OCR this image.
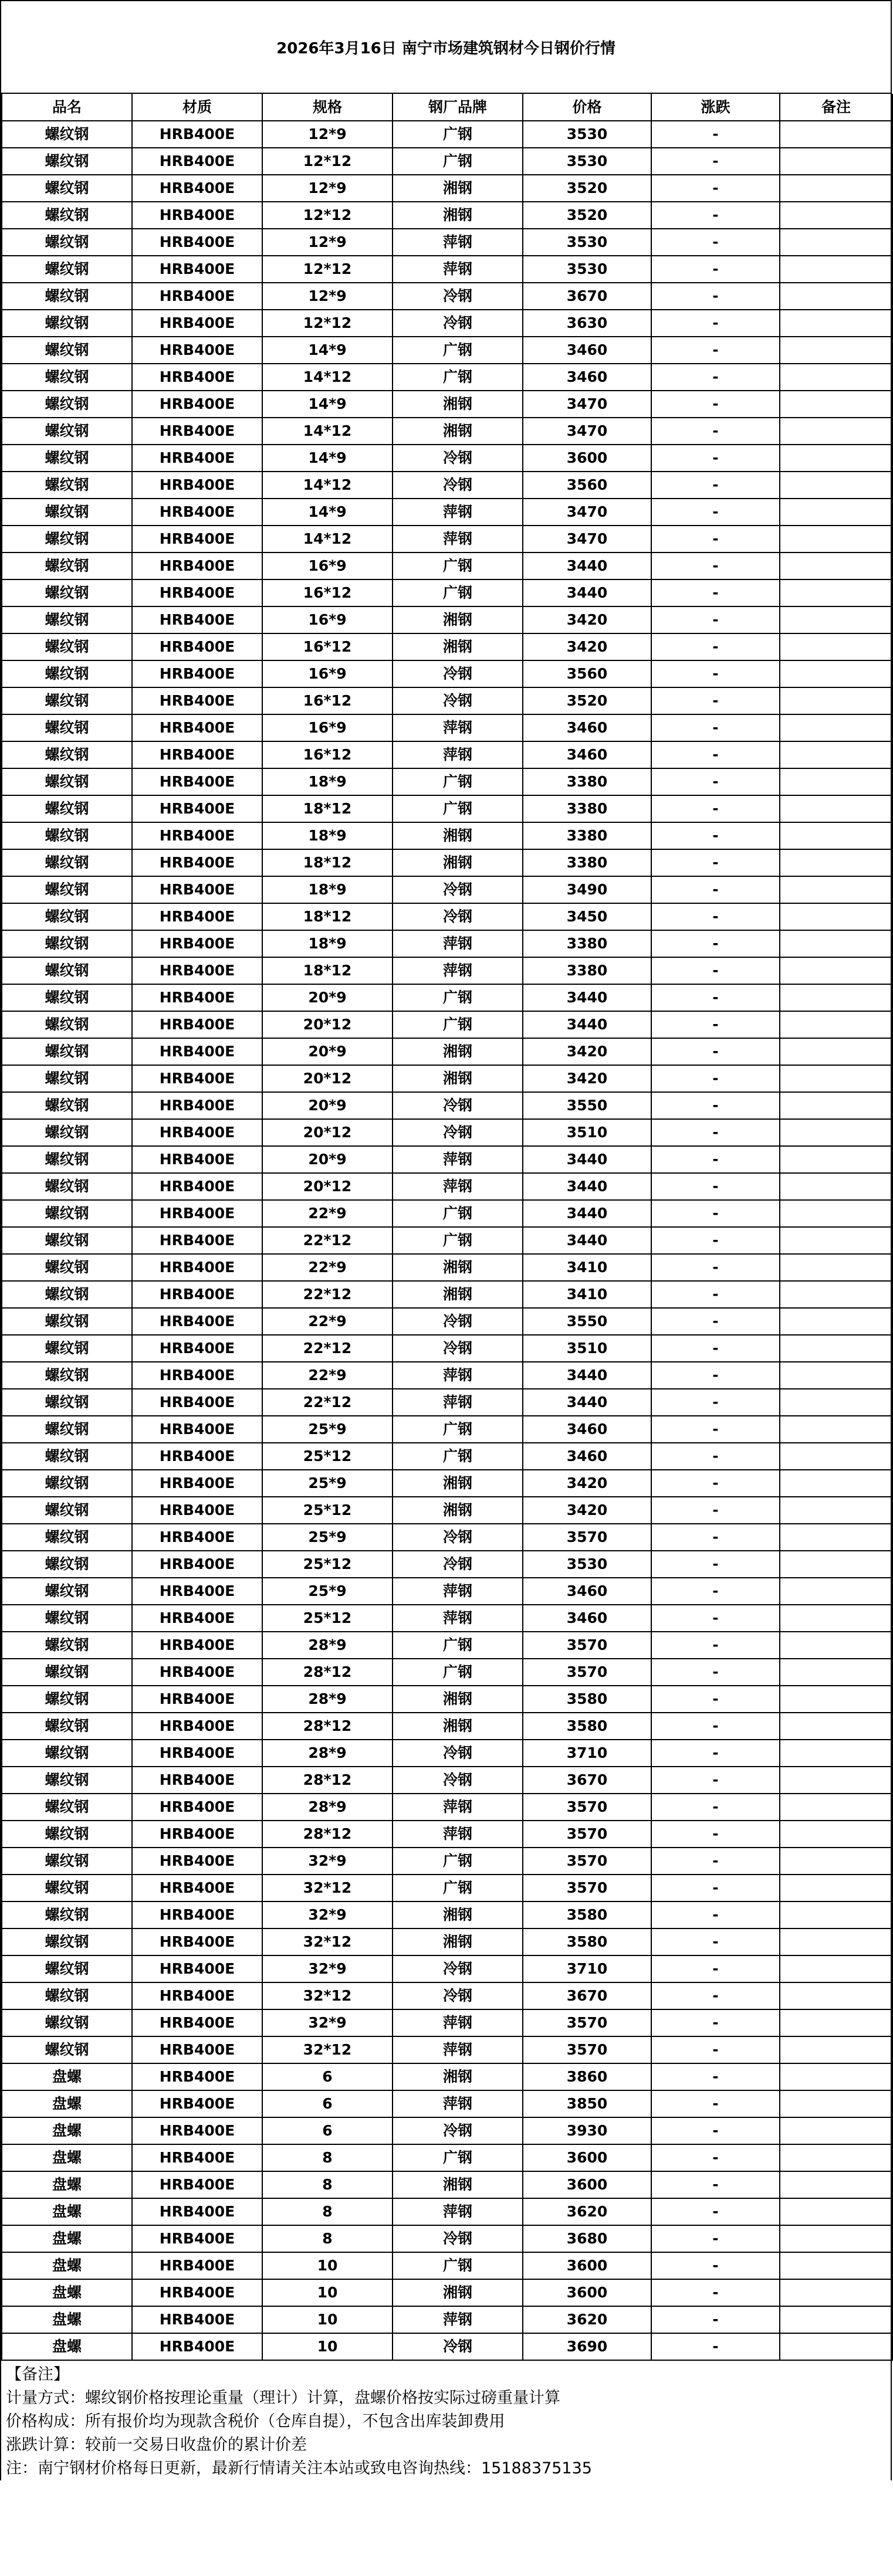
2026年3月16日 南宁市场建筑钢材今日钢价行情
品名	材质	规格	钢厂品牌	价格	涨跌	备注
螺纹钢	HRB400E	12*9	广钢	3530	-	
螺纹钢	HRB400E	12*12	广钢	3530	-	
螺纹钢	HRB400E	12*9	湘钢	3520	-	
螺纹钢	HRB400E	12*12	湘钢	3520	-	
螺纹钢	HRB400E	12*9	萍钢	3530	-	
螺纹钢	HRB400E	12*12	萍钢	3530	-	
螺纹钢	HRB400E	12*9	冷钢	3670	-	
螺纹钢	HRB400E	12*12	冷钢	3630	-	
螺纹钢	HRB400E	14*9	广钢	3460	-	
螺纹钢	HRB400E	14*12	广钢	3460	-	
螺纹钢	HRB400E	14*9	湘钢	3470	-	
螺纹钢	HRB400E	14*12	湘钢	3470	-	
螺纹钢	HRB400E	14*9	冷钢	3600	-	
螺纹钢	HRB400E	14*12	冷钢	3560	-	
螺纹钢	HRB400E	14*9	萍钢	3470	-	
螺纹钢	HRB400E	14*12	萍钢	3470	-	
螺纹钢	HRB400E	16*9	广钢	3440	-	
螺纹钢	HRB400E	16*12	广钢	3440	-	
螺纹钢	HRB400E	16*9	湘钢	3420	-	
螺纹钢	HRB400E	16*12	湘钢	3420	-	
螺纹钢	HRB400E	16*9	冷钢	3560	-	
螺纹钢	HRB400E	16*12	冷钢	3520	-	
螺纹钢	HRB400E	16*9	萍钢	3460	-	
螺纹钢	HRB400E	16*12	萍钢	3460	-	
螺纹钢	HRB400E	18*9	广钢	3380	-	
螺纹钢	HRB400E	18*12	广钢	3380	-	
螺纹钢	HRB400E	18*9	湘钢	3380	-	
螺纹钢	HRB400E	18*12	湘钢	3380	-	
螺纹钢	HRB400E	18*9	冷钢	3490	-	
螺纹钢	HRB400E	18*12	冷钢	3450	-	
螺纹钢	HRB400E	18*9	萍钢	3380	-	
螺纹钢	HRB400E	18*12	萍钢	3380	-	
螺纹钢	HRB400E	20*9	广钢	3440	-	
螺纹钢	HRB400E	20*12	广钢	3440	-	
螺纹钢	HRB400E	20*9	湘钢	3420	-	
螺纹钢	HRB400E	20*12	湘钢	3420	-	
螺纹钢	HRB400E	20*9	冷钢	3550	-	
螺纹钢	HRB400E	20*12	冷钢	3510	-	
螺纹钢	HRB400E	20*9	萍钢	3440	-	
螺纹钢	HRB400E	20*12	萍钢	3440	-	
螺纹钢	HRB400E	22*9	广钢	3440	-	
螺纹钢	HRB400E	22*12	广钢	3440	-	
螺纹钢	HRB400E	22*9	湘钢	3410	-	
螺纹钢	HRB400E	22*12	湘钢	3410	-	
螺纹钢	HRB400E	22*9	冷钢	3550	-	
螺纹钢	HRB400E	22*12	冷钢	3510	-	
螺纹钢	HRB400E	22*9	萍钢	3440	-	
螺纹钢	HRB400E	22*12	萍钢	3440	-	
螺纹钢	HRB400E	25*9	广钢	3460	-	
螺纹钢	HRB400E	25*12	广钢	3460	-	
螺纹钢	HRB400E	25*9	湘钢	3420	-	
螺纹钢	HRB400E	25*12	湘钢	3420	-	
螺纹钢	HRB400E	25*9	冷钢	3570	-	
螺纹钢	HRB400E	25*12	冷钢	3530	-	
螺纹钢	HRB400E	25*9	萍钢	3460	-	
螺纹钢	HRB400E	25*12	萍钢	3460	-	
螺纹钢	HRB400E	28*9	广钢	3570	-	
螺纹钢	HRB400E	28*12	广钢	3570	-	
螺纹钢	HRB400E	28*9	湘钢	3580	-	
螺纹钢	HRB400E	28*12	湘钢	3580	-	
螺纹钢	HRB400E	28*9	冷钢	3710	-	
螺纹钢	HRB400E	28*12	冷钢	3670	-	
螺纹钢	HRB400E	28*9	萍钢	3570	-	
螺纹钢	HRB400E	28*12	萍钢	3570	-	
螺纹钢	HRB400E	32*9	广钢	3570	-	
螺纹钢	HRB400E	32*12	广钢	3570	-	
螺纹钢	HRB400E	32*9	湘钢	3580	-	
螺纹钢	HRB400E	32*12	湘钢	3580	-	
螺纹钢	HRB400E	32*9	冷钢	3710	-	
螺纹钢	HRB400E	32*12	冷钢	3670	-	
螺纹钢	HRB400E	32*9	萍钢	3570	-	
螺纹钢	HRB400E	32*12	萍钢	3570	-	
盘螺	HRB400E	6	湘钢	3860	-	
盘螺	HRB400E	6	萍钢	3850	-	
盘螺	HRB400E	6	冷钢	3930	-	
盘螺	HRB400E	8	广钢	3600	-	
盘螺	HRB400E	8	湘钢	3600	-	
盘螺	HRB400E	8	萍钢	3620	-	
盘螺	HRB400E	8	冷钢	3680	-	
盘螺	HRB400E	10	广钢	3600	-	
盘螺	HRB400E	10	湘钢	3600	-	
盘螺	HRB400E	10	萍钢	3620	-	
盘螺	HRB400E	10	冷钢	3690	-	
【备注】
计量方式：螺纹钢价格按理论重量（理计）计算，盘螺价格按实际过磅重量计算
价格构成：所有报价均为现款含税价（仓库自提），不包含出库装卸费用
涨跌计算：较前一交易日收盘价的累计价差
注：南宁钢材价格每日更新，最新行情请关注本站或致电咨询热线：15188375135
